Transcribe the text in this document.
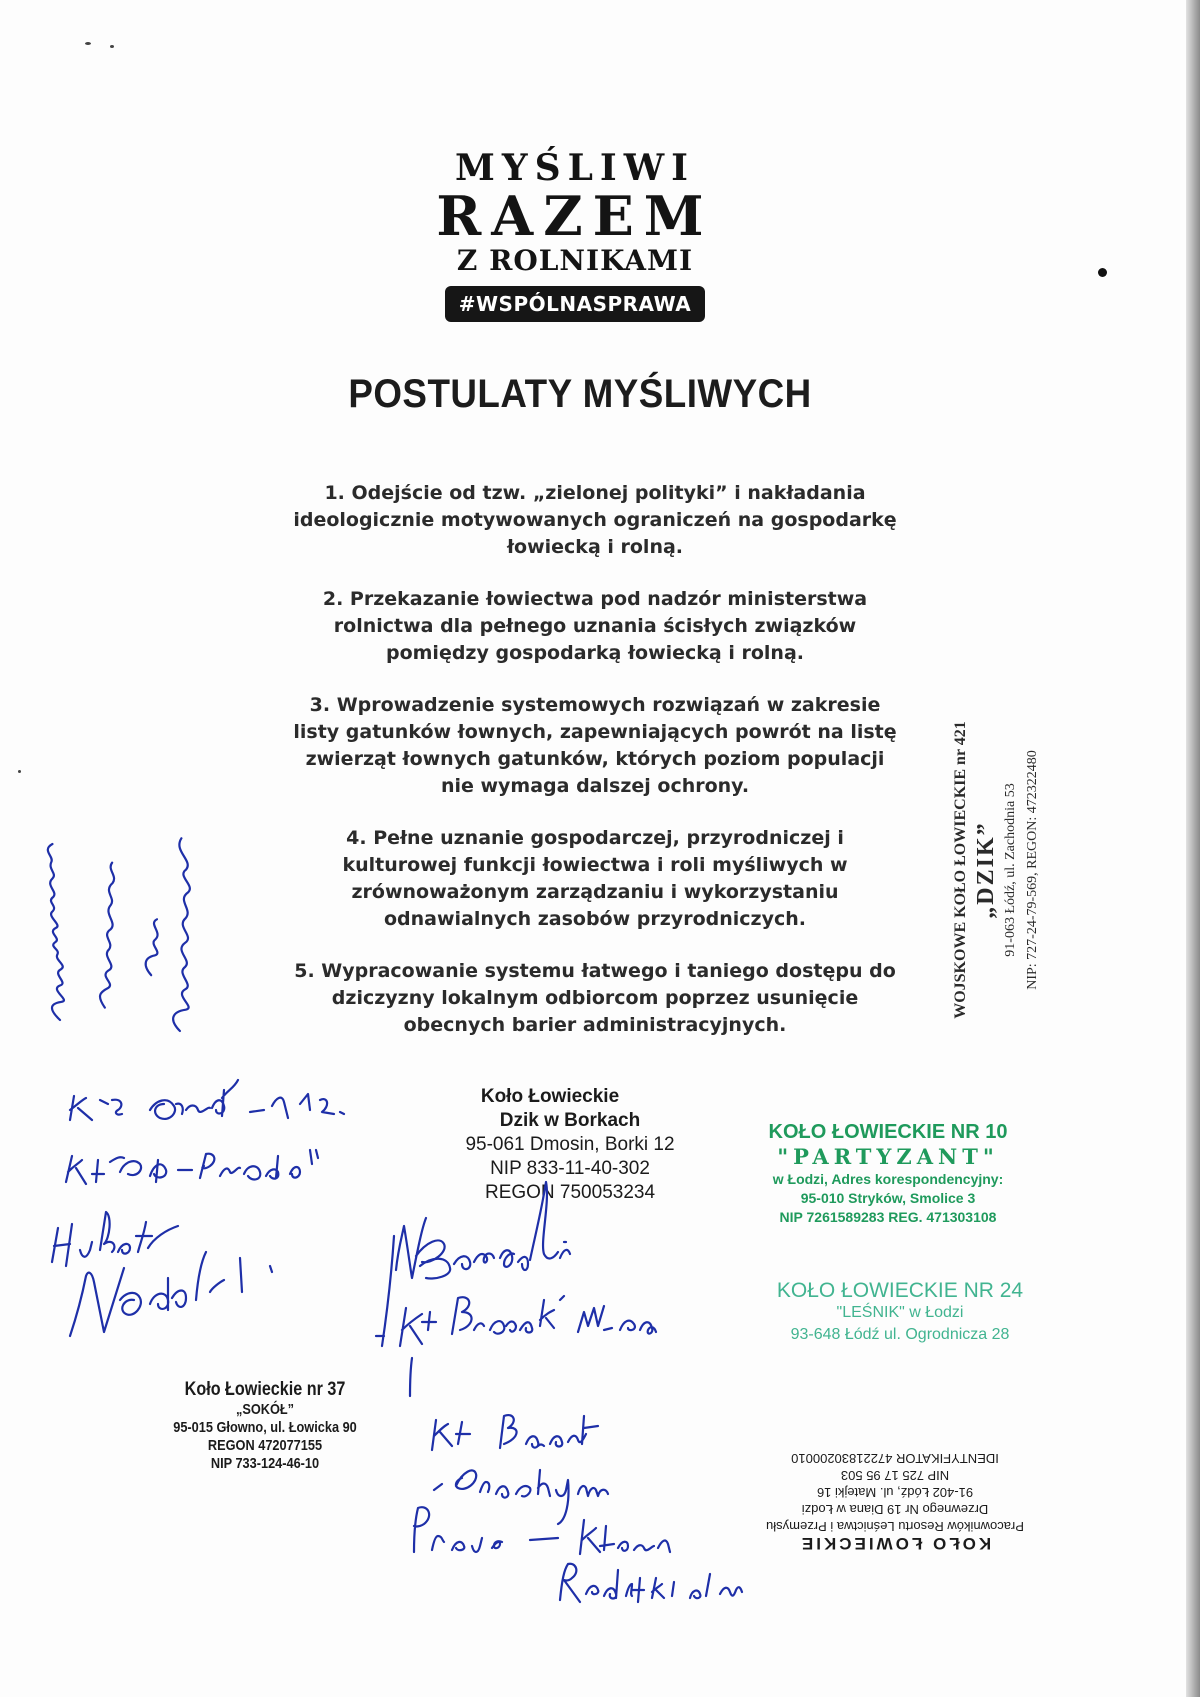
MYŚLIWI
RAZEM
Z ROLNIKAMI
#WSPÓLNASPRAWA
POSTULATY MYŚLIWYCH

1. Odejście od tzw. „zielonej polityki” i nakładania ideologicznie motywowanych ograniczeń na gospodarkę łowiecką i rolną.

2. Przekazanie łowiectwa pod nadzór ministerstwa rolnictwa dla pełnego uznania ścisłych związków pomiędzy gospodarką łowiecką i rolną.

3. Wprowadzenie systemowych rozwiązań w zakresie listy gatunków łownych, zapewniających powrót na listę zwierząt łownych gatunków, których poziom populacji nie wymaga dalszej ochrony.

4. Pełne uznanie gospodarczej, przyrodniczej i kulturowej funkcji łowiectwa i roli myśliwych w zrównoważonym zarządzaniu i wykorzystaniu odnawialnych zasobów przyrodniczych.

5. Wypracowanie systemu łatwego i taniego dostępu do dziczyzny lokalnym odbiorcom poprzez usunięcie obecnych barier administracyjnych.

Koło Łowieckie
Dzik w Borkach
95-061 Dmosin, Borki 12
NIP 833-11-40-302
REGON 750053234
KOŁO ŁOWIECKIE NR 10
"PARTYZANT"
w Łodzi, Adres korespondencyjny:
95-010 Stryków, Smolice 3
NIP 7261589283 REG. 471303108
KOŁO ŁOWIECKIE NR 24
"LEŚNIK" w Łodzi
93-648 Łódź ul. Ogrodnicza 28
Koło Łowieckie nr 37
„SOKÓŁ”
95-015 Głowno, ul. Łowicka 90
REGON 472077155
NIP 733-124-46-10
WOJSKOWE KOŁO ŁOWIECKIE nr 421 „DZIK” 91-063 Łódź, ul. Zachodnia 53 NIP: 727-24-79-569, REGON: 472322480
KOŁO ŁOWIECKIE
Pracowników Resortu Leśnictwa i Przemysłu
Drzewnego Nr 19 Diana w Łodzi
91-402 Łódź, ul. Matejki 16
NIP 725 17 95 503
IDENTYFIKATOR 47221830200010
